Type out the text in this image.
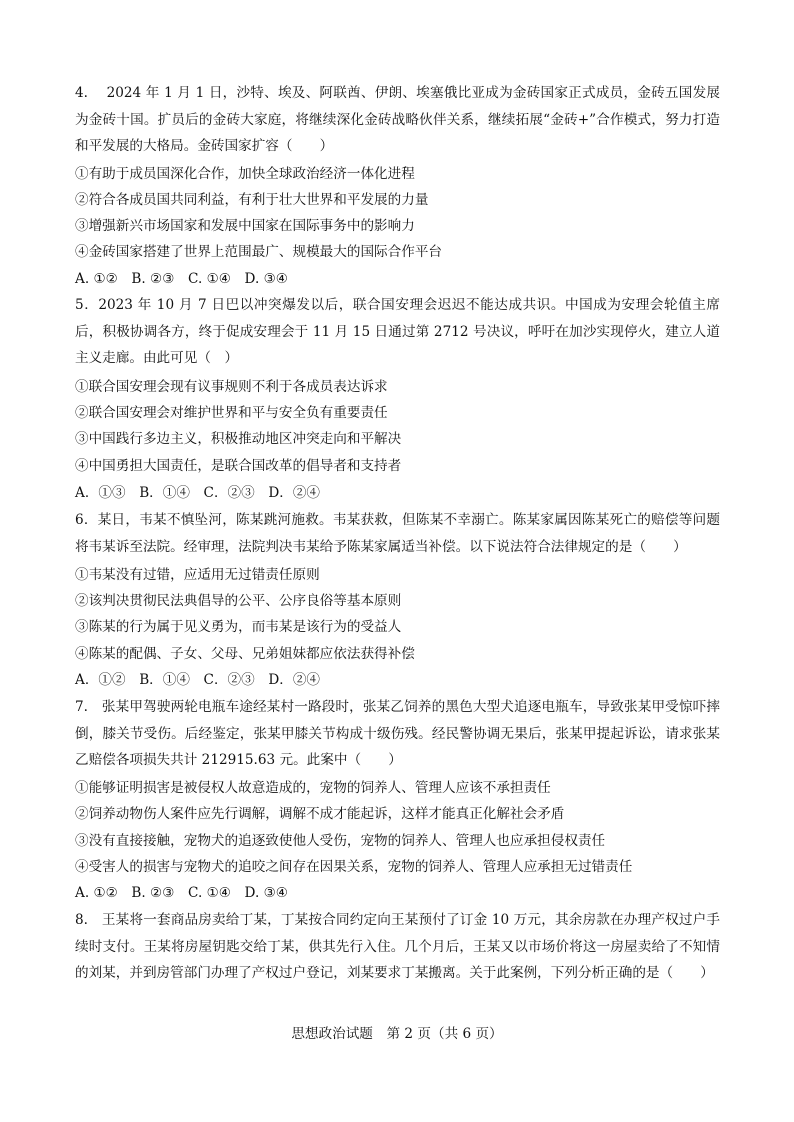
4.　 2024 年 1 月 1 日，沙特、埃及、阿联酋、伊朗、埃塞俄比亚成为金砖国家正式成员，金砖五国发展为金砖十国。扩员后的金砖大家庭，将继续深化金砖战略伙伴关系，继续拓展“金砖+”合作模式，努力打造和平发展的大格局。金砖国家扩容（　　）
①有助于成员国深化合作，加快全球政治经济一体化进程
②符合各成员国共同利益，有利于壮大世界和平发展的力量
③增强新兴市场国家和发展中国家在国际事务中的影响力
④金砖国家搭建了世界上范围最广、规模最大的国际合作平台
A. ①②　B. ②③　C. ①④　D. ③④
5．2023 年 10 月 7 日巴以冲突爆发以后，联合国安理会迟迟不能达成共识。中国成为安理会轮值主席后，积极协调各方，终于促成安理会于 11 月 15 日通过第 2712 号决议，呼吁在加沙实现停火，建立人道主义走廊。由此可见（　）
①联合国安理会现有议事规则不利于各成员表达诉求
②联合国安理会对维护世界和平与安全负有重要责任
③中国践行多边主义，积极推动地区冲突走向和平解决
④中国勇担大国责任，是联合国改革的倡导者和支持者
A．①③　B．①④　C．②③　D．②④
6．某日，韦某不慎坠河，陈某跳河施救。韦某获救，但陈某不幸溺亡。陈某家属因陈某死亡的赔偿等问题将韦某诉至法院。经审理，法院判决韦某给予陈某家属适当补偿。以下说法符合法律规定的是（　　）
①韦某没有过错，应适用无过错责任原则
②该判决贯彻民法典倡导的公平、公序良俗等基本原则
③陈某的行为属于见义勇为，而韦某是该行为的受益人
④陈某的配偶、子女、父母、兄弟姐妹都应依法获得补偿
A．①②　B．①④　C．②③　D．②④
7.　张某甲驾驶两轮电瓶车途经某村一路段时，张某乙饲养的黑色大型犬追逐电瓶车，导致张某甲受惊吓摔倒，膝关节受伤。后经鉴定，张某甲膝关节构成十级伤残。经民警协调无果后，张某甲提起诉讼，请求张某乙赔偿各项损失共计 212915.63 元。此案中（　　）
①能够证明损害是被侵权人故意造成的，宠物的饲养人、管理人应该不承担责任
②饲养动物伤人案件应先行调解，调解不成才能起诉，这样才能真正化解社会矛盾
③没有直接接触，宠物犬的追逐致使他人受伤，宠物的饲养人、管理人也应承担侵权责任
④受害人的损害与宠物犬的追咬之间存在因果关系，宠物的饲养人、管理人应承担无过错责任
A. ①②　B. ②③　C. ①④　D. ③④
8.　王某将一套商品房卖给丁某，丁某按合同约定向王某预付了订金 10 万元，其余房款在办理产权过户手续时支付。王某将房屋钥匙交给丁某，供其先行入住。几个月后，王某又以市场价将这一房屋卖给了不知情的刘某，并到房管部门办理了产权过户登记，刘某要求丁某搬离。关于此案例，下列分析正确的是（　　）
思想政治试题　第 2 页（共 6 页）
